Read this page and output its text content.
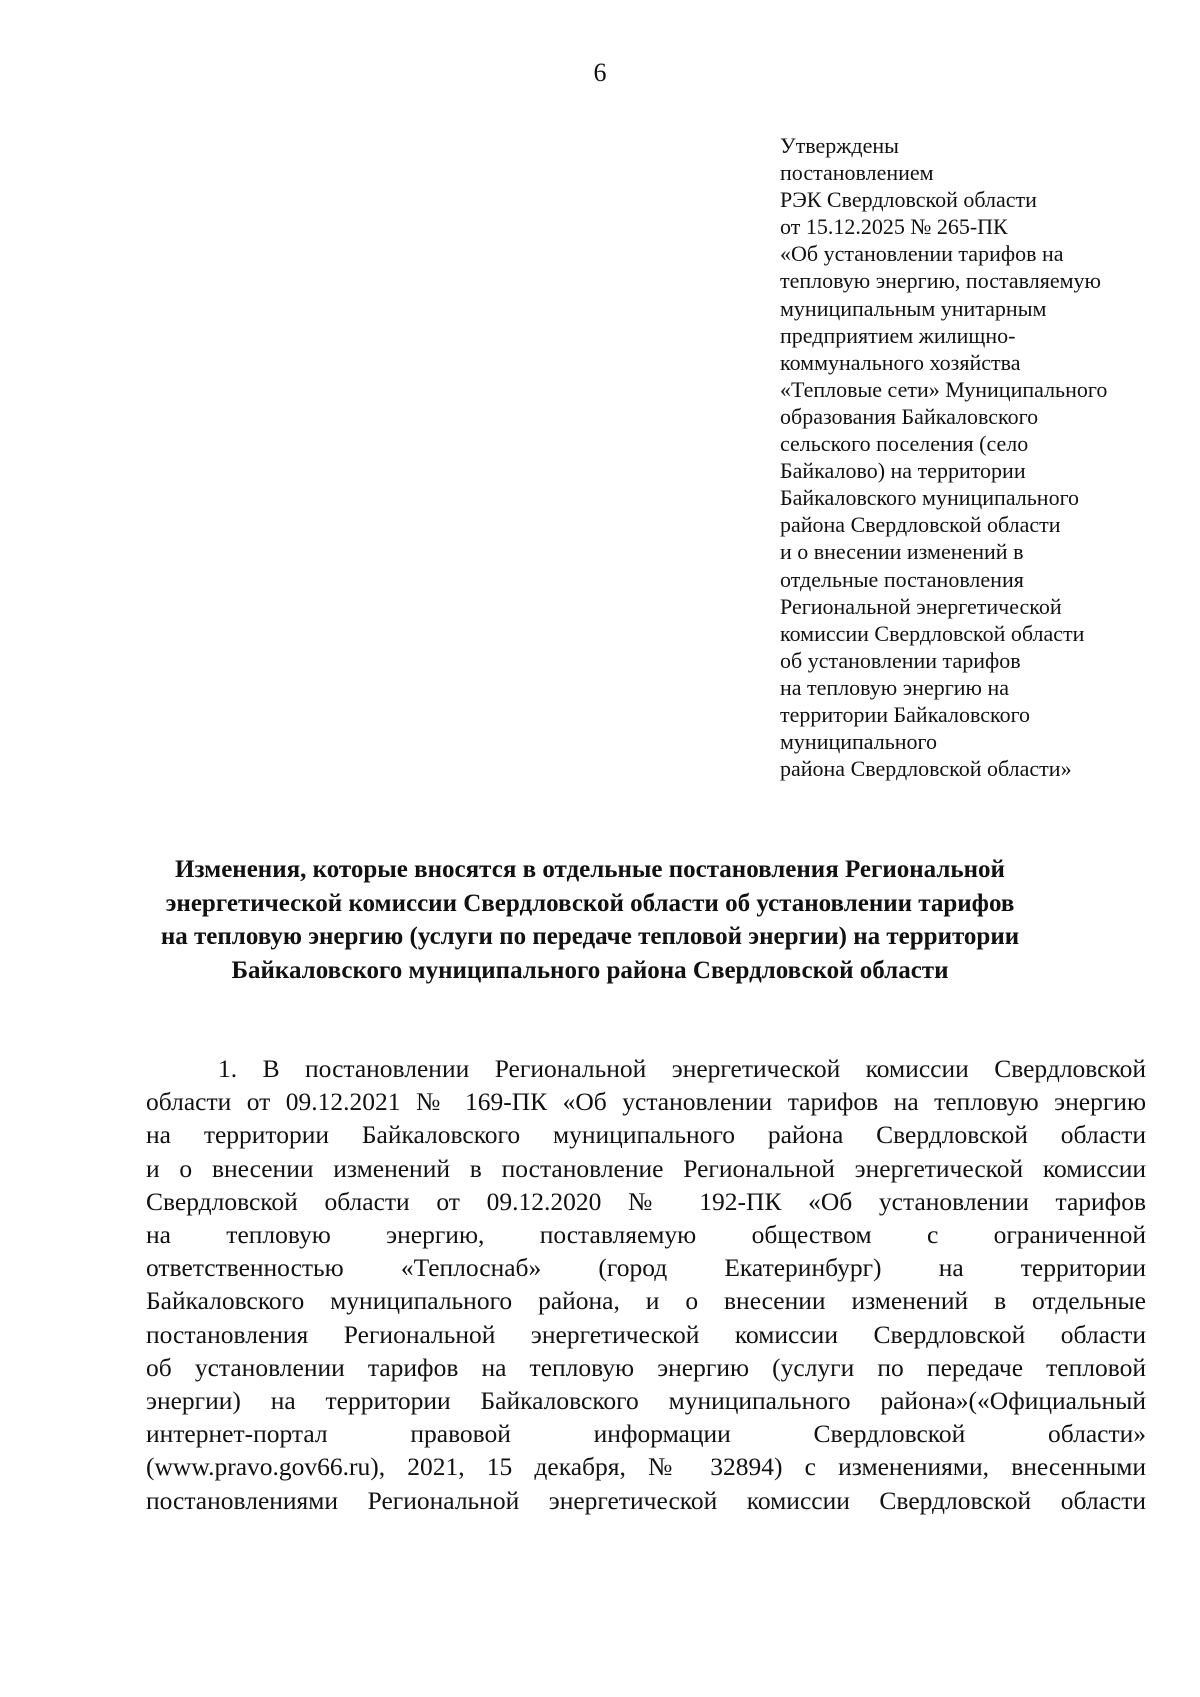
6
Утверждены
постановлением
РЭК Свердловской области
от 15.12.2025 № 265-ПК
«Об установлении тарифов на
тепловую энергию, поставляемую
муниципальным унитарным
предприятием жилищно-
коммунального хозяйства
«Тепловые сети» Муниципального
образования Байкаловского
сельского поселения (село
Байкалово) на территории
Байкаловского муниципального
района Свердловской области
и о внесении изменений в
отдельные постановления
Региональной энергетической
комиссии Свердловской области
об установлении тарифов
на тепловую энергию на
территории Байкаловского
муниципального
района Свердловской области»
Изменения, которые вносятся в отдельные постановления Региональной
энергетической комиссии Свердловской области об установлении тарифов
на тепловую энергию (услуги по передаче тепловой энергии) на территории
Байкаловского муниципального района Свердловской области
1. В постановлении Региональной энергетической комиссии Свердловской
области от 09.12.2021 № 169-ПК «Об установлении тарифов на тепловую энергию
на территории Байкаловского муниципального района Свердловской области
и о внесении изменений в постановление Региональной энергетической комиссии
Свердловской области от 09.12.2020 № 192-ПК «Об установлении тарифов
на тепловую энергию, поставляемую обществом с ограниченной
ответственностью «Теплоснаб» (город Екатеринбург) на территории
Байкаловского муниципального района, и о внесении изменений в отдельные
постановления Региональной энергетической комиссии Свердловской области
об установлении тарифов на тепловую энергию (услуги по передаче тепловой
энергии) на территории Байкаловского муниципального района»(«Официальный
интернет-портал правовой информации Свердловской области»
(www.pravo.gov66.ru), 2021, 15 декабря, № 32894) с изменениями, внесенными
постановлениями Региональной энергетической комиссии Свердловской области
